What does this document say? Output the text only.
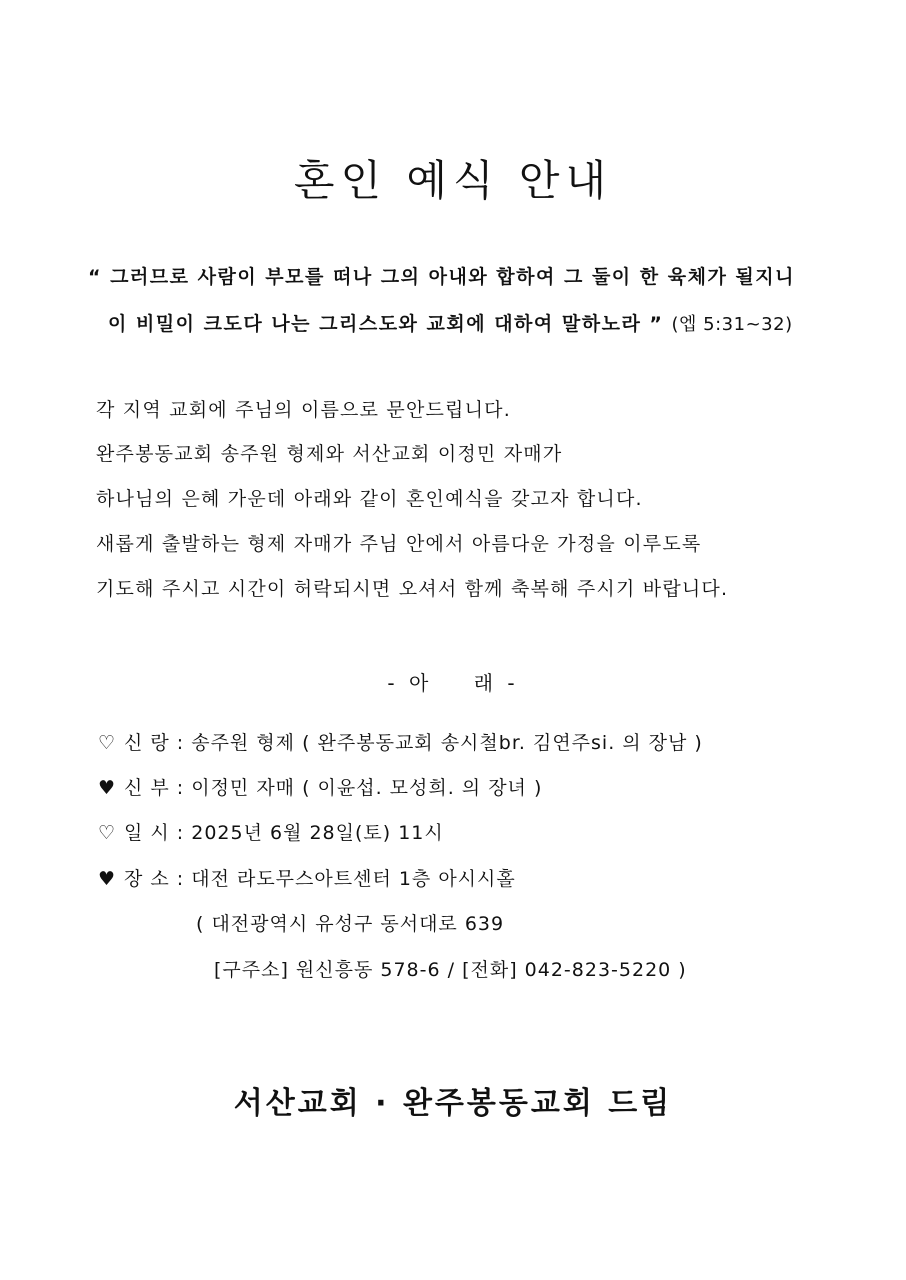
혼인 예식 안내
“ 그러므로 사람이 부모를 떠나 그의 아내와 합하여 그 둘이 한 육체가 될지니
이 비밀이 크도다 나는 그리스도와 교회에 대하여 말하노라 ” (엡 5:31~32)
각 지역 교회에 주님의 이름으로 문안드립니다.
완주봉동교회 송주원 형제와 서산교회 이정민 자매가
하나님의 은혜 가운데 아래와 같이 혼인예식을 갖고자 합니다.
새롭게 출발하는 형제 자매가 주님 안에서 아름다운 가정을 이루도록
기도해 주시고 시간이 허락되시면 오셔서 함께 축복해 주시기 바랍니다.
- 아    래 -
♡ 신 랑 : 송주원 형제 ( 완주봉동교회 송시철br. 김연주si. 의 장남 )
♥ 신 부 : 이정민 자매 ( 이윤섭. 모성희. 의 장녀 )
♡ 일 시 : 2025년 6월 28일(토) 11시
♥ 장 소 : 대전 라도무스아트센터 1층 아시시홀
( 대전광역시 유성구 동서대로 639
[구주소] 원신흥동 578-6 / [전화] 042-823-5220 )
서산교회 · 완주봉동교회 드림
